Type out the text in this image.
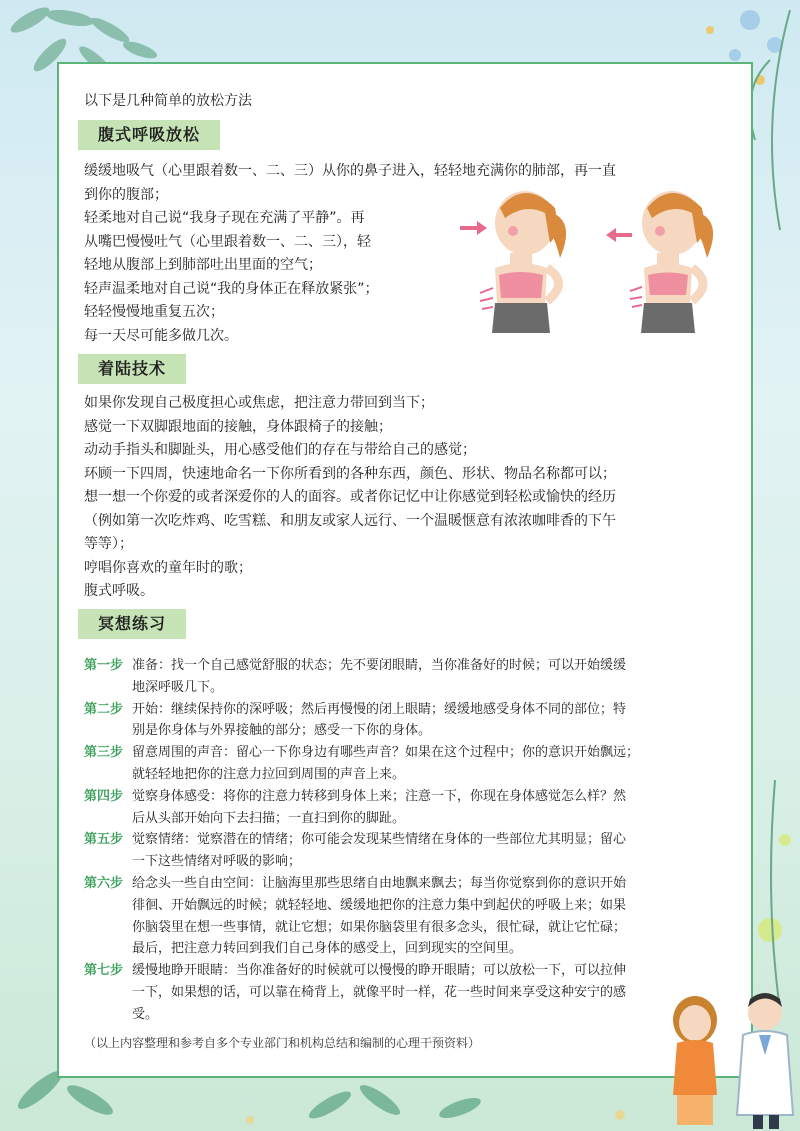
以下是几种简单的放松方法
腹式呼吸放松
缓缓地吸气（心里跟着数一、二、三）从你的鼻子进入，轻轻地充满你的肺部，再一直
到你的腹部；
轻柔地对自己说“我身子现在充满了平静”。再
从嘴巴慢慢吐气（心里跟着数一、二、三），轻
轻地从腹部上到肺部吐出里面的空气；
轻声温柔地对自己说“我的身体正在释放紧张”；
轻轻慢慢地重复五次；
每一天尽可能多做几次。
着陆技术
如果你发现自己极度担心或焦虑，把注意力带回到当下；
感觉一下双脚跟地面的接触，身体跟椅子的接触；
动动手指头和脚趾头，用心感受他们的存在与带给自己的感觉；
环顾一下四周，快速地命名一下你所看到的各种东西，颜色、形状、物品名称都可以；
想一想一个你爱的或者深爱你的人的面容。或者你记忆中让你感觉到轻松或愉快的经历
（例如第一次吃炸鸡、吃雪糕、和朋友或家人远行、一个温暖惬意有浓浓咖啡香的下午
等等）；
哼唱你喜欢的童年时的歌；
腹式呼吸。
冥想练习
第一步 准备：找一个自己感觉舒服的状态；先不要闭眼睛，当你准备好的时候；可以开始缓缓
地深呼吸几下。
第二步 开始：继续保持你的深呼吸；然后再慢慢的闭上眼睛；缓缓地感受身体不同的部位；特
别是你身体与外界接触的部分；感受一下你的身体。
第三步 留意周围的声音：留心一下你身边有哪些声音？如果在这个过程中；你的意识开始飘远；
就轻轻地把你的注意力拉回到周围的声音上来。
第四步 觉察身体感受：将你的注意力转移到身体上来；注意一下，你现在身体感觉怎么样？然
后从头部开始向下去扫描；一直扫到你的脚趾。
第五步 觉察情绪：觉察潜在的情绪；你可能会发现某些情绪在身体的一些部位尤其明显；留心
一下这些情绪对呼吸的影响；
第六步 给念头一些自由空间：让脑海里那些思绪自由地飘来飘去；每当你觉察到你的意识开始
徘徊、开始飘远的时候；就轻轻地、缓缓地把你的注意力集中到起伏的呼吸上来；如果
你脑袋里在想一些事情，就让它想；如果你脑袋里有很多念头，很忙碌，就让它忙碌；
最后，把注意力转回到我们自己身体的感受上，回到现实的空间里。
第七步 缓慢地睁开眼睛：当你准备好的时候就可以慢慢的睁开眼睛；可以放松一下，可以拉伸
一下，如果想的话，可以靠在椅背上，就像平时一样，花一些时间来享受这种安宁的感
受。
（以上内容整理和参考自多个专业部门和机构总结和编制的心理干预资料）
